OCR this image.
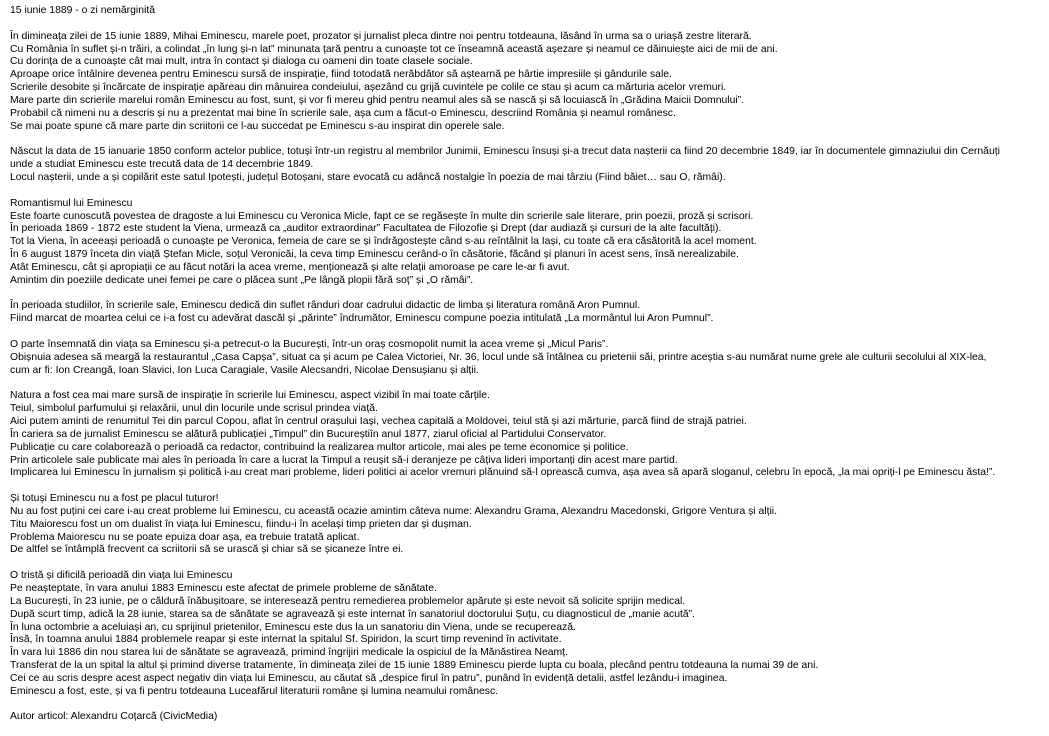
15 iunie 1889 - o zi nemărginită
În dimineața zilei de 15 iunie 1889, Mihai Eminescu, marele poet, prozator și jurnalist pleca dintre noi pentru totdeauna, lăsând în urma sa o uriașă zestre literară.
Cu România în suflet și-n trăiri, a colindat „în lung și-n lat” minunata țară pentru a cunoaște tot ce înseamnă această așezare și neamul ce dăinuiește aici de mii de ani.
Cu dorința de a cunoaște cât mai mult, intra în contact și dialoga cu oameni din toate clasele sociale.
Aproape orice întâlnire devenea pentru Eminescu sursă de inspirație, fiind totodată nerăbdător să aștearnă pe hârtie impresiile și gândurile sale.
Scrierile desobite și încărcate de inspirație apăreau din mânuirea condeiului, așezând cu grijă cuvintele pe colile ce stau și acum ca mărturia acelor vremuri.
Mare parte din scrierile marelui român Eminescu au fost, sunt, și vor fi mereu ghid pentru neamul ales să se nască și să locuiască în „Grădina Maicii Domnului”.
Probabil că nimeni nu a descris și nu a prezentat mai bine în scrierile sale, așa cum a făcut-o Eminescu, descriind România și neamul românesc.
Se mai poate spune că mare parte din scriitorii ce l-au succedat pe Eminescu s-au inspirat din operele sale.
Născut la data de 15 ianuarie 1850 conform actelor publice, totuși într-un registru al membrilor Junimii, Eminescu însuși și-a trecut data nașterii ca fiind 20 decembrie 1849, iar în documentele gimnaziului din Cernăuți
unde a studiat Eminescu este trecută data de 14 decembrie 1849.
Locul nașterii, unde a și copilărit este satul Ipotești, județul Botoșani, stare evocată cu adâncă nostalgie în poezia de mai târziu (Fiind băiet… sau O, rămâi).
Romantismul lui Eminescu
Este foarte cunoscută povestea de dragoste a lui Eminescu cu Veronica Micle, fapt ce se regăsește în multe din scrierile sale literare, prin poezii, proză și scrisori.
În perioada 1869 - 1872 este student la Viena, urmează ca „auditor extraordinar” Facultatea de Filozofie și Drept (dar audiază și cursuri de la alte facultăți).
Tot la Viena, în aceeași perioadă o cunoaște pe Veronica, femeia de care se și îndrăgostește când s-au reîntâlnit la Iași, cu toate că era căsătorită la acel moment.
În 6 august 1879 încetа din viață Ștefan Micle, soțul Veronicăi, la ceva timp Eminescu cerând-o în căsătorie, făcând și planuri în acest sens, însă nerealizabile.
Atât Eminescu, cât și apropiații ce au făcut notări la acea vreme, menționează și alte relații amoroase pe care le-ar fi avut.
Amintim din poeziile dedicate unei femei pe care o plăcea sunt „Pe lângă plopii fără soț” și „O rămâi”.
În perioada studiilor, în scrierile sale, Eminescu dedică din suflet rânduri doar cadrului didactic de limba și literatura română Aron Pumnul.
Fiind marcat de moartea celui ce i-a fost cu adevărat dascăl și „părinte” îndrumător, Eminescu compune poezia intitulată „La mormântul lui Aron Pumnul”.
O parte însemnată din viața sa Eminescu și-a petrecut-o la București, într-un oraș cosmopolit numit la acea vreme și „Micul Paris”.
Obișnuia adesea să meargă la restaurantul „Casa Capșa”, situat ca și acum pe Calea Victoriei, Nr. 36, locul unde să întâlnea cu prietenii săi, printre aceștia s-au numărat nume grele ale culturii secolului al XIX-lea,
cum ar fi: Ion Creangă, Ioan Slavici, Ion Luca Caragiale, Vasile Alecsandri, Nicolae Densușianu și alții.
Natura a fost cea mai mare sursă de inspirație în scrierile lui Eminescu, aspect vizibil în mai toate cărțile.
Teiul, simbolul parfumului și relaxării, unul din locurile unde scrisul prindea viață.
Aici putem aminti de renumitul Tei din parcul Copou, aflat în centrul orașului Iași, vechea capitală a Moldovei, teiul stă și azi mărturie, parcă fiind de strajă patriei.
În cariera sa de jurnalist Eminescu se alătură publicației „Timpul” din Bucureștiîn anul 1877, ziarul oficial al Partidului Conservator.
Publicație cu care colaborează o perioadă ca redactor, contribuind la realizarea multor articole, mai ales pe teme economice și politice.
Prin articolele sale publicate mai ales în perioada în care a lucrat la Timpul a reușit să-i deranjeze pe câțiva lideri importanți din acest mare partid.
Implicarea lui Eminescu în jurnalism și politică i-au creat mari probleme, lideri politici ai acelor vremuri plănuind să-l oprească cumva, așa avea să apară sloganul, celebru în epocă, „la mai opriți-l pe Eminescu ăsta!”.
Și totuși Eminescu nu a fost pe placul tuturor!
Nu au fost puțini cei care i-au creat probleme lui Eminescu, cu această ocazie amintim câteva nume: Alexandru Grama, Alexandru Macedonski, Grigore Ventura și alții.
Titu Maiorescu fost un om dualist în viața lui Eminescu, fiindu-i în același timp prieten dar și dușman.
Problema Maiorescu nu se poate epuiza doar așa, ea trebuie tratată aplicat.
De altfel se întâmplă frecvent ca scriitorii să se urască și chiar să se șicaneze între ei.
O tristă și dificilă perioadă din viața lui Eminescu
Pe neașteptate, în vara anului 1883 Eminescu este afectat de primele probleme de sănătate.
La București, în 23 iunie, pe o căldură înăbușitoare, se interesează pentru remedierea problemelor apărute și este nevoit să solicite sprijin medical.
După scurt timp, adică la 28 iunie, starea sa de sănătate se agravează și este internat în sanatoriul doctorului Șuțu, cu diagnosticul de „manie acută”.
În luna octombrie a aceluiași an, cu sprijinul prietenilor, Eminescu este dus la un sanatoriu din Viena, unde se recuperează.
Însă, în toamna anului 1884 problemele reapar și este internat la spitalul Sf. Spiridon, la scurt timp revenind în activitate.
În vara lui 1886 din nou starea lui de sănătate se agravează, primind îngrijiri medicale la ospiciul de la Mănăstirea Neamț.
Transferat de la un spital la altul și primind diverse tratamente, în dimineața zilei de 15 iunie 1889 Eminescu pierde lupta cu boala, plecând pentru totdeauna la numai 39 de ani.
Cei ce au scris despre acest aspect negativ din viața lui Eminescu, au căutat să „despice firul în patru”, punând în evidență detalii, astfel lezându-i imaginea.
Eminescu a fost, este, și va fi pentru totdeauna Luceafărul literaturii române și lumina neamului românesc.
Autor articol: Alexandru Coțarcă (CivicMedia)
